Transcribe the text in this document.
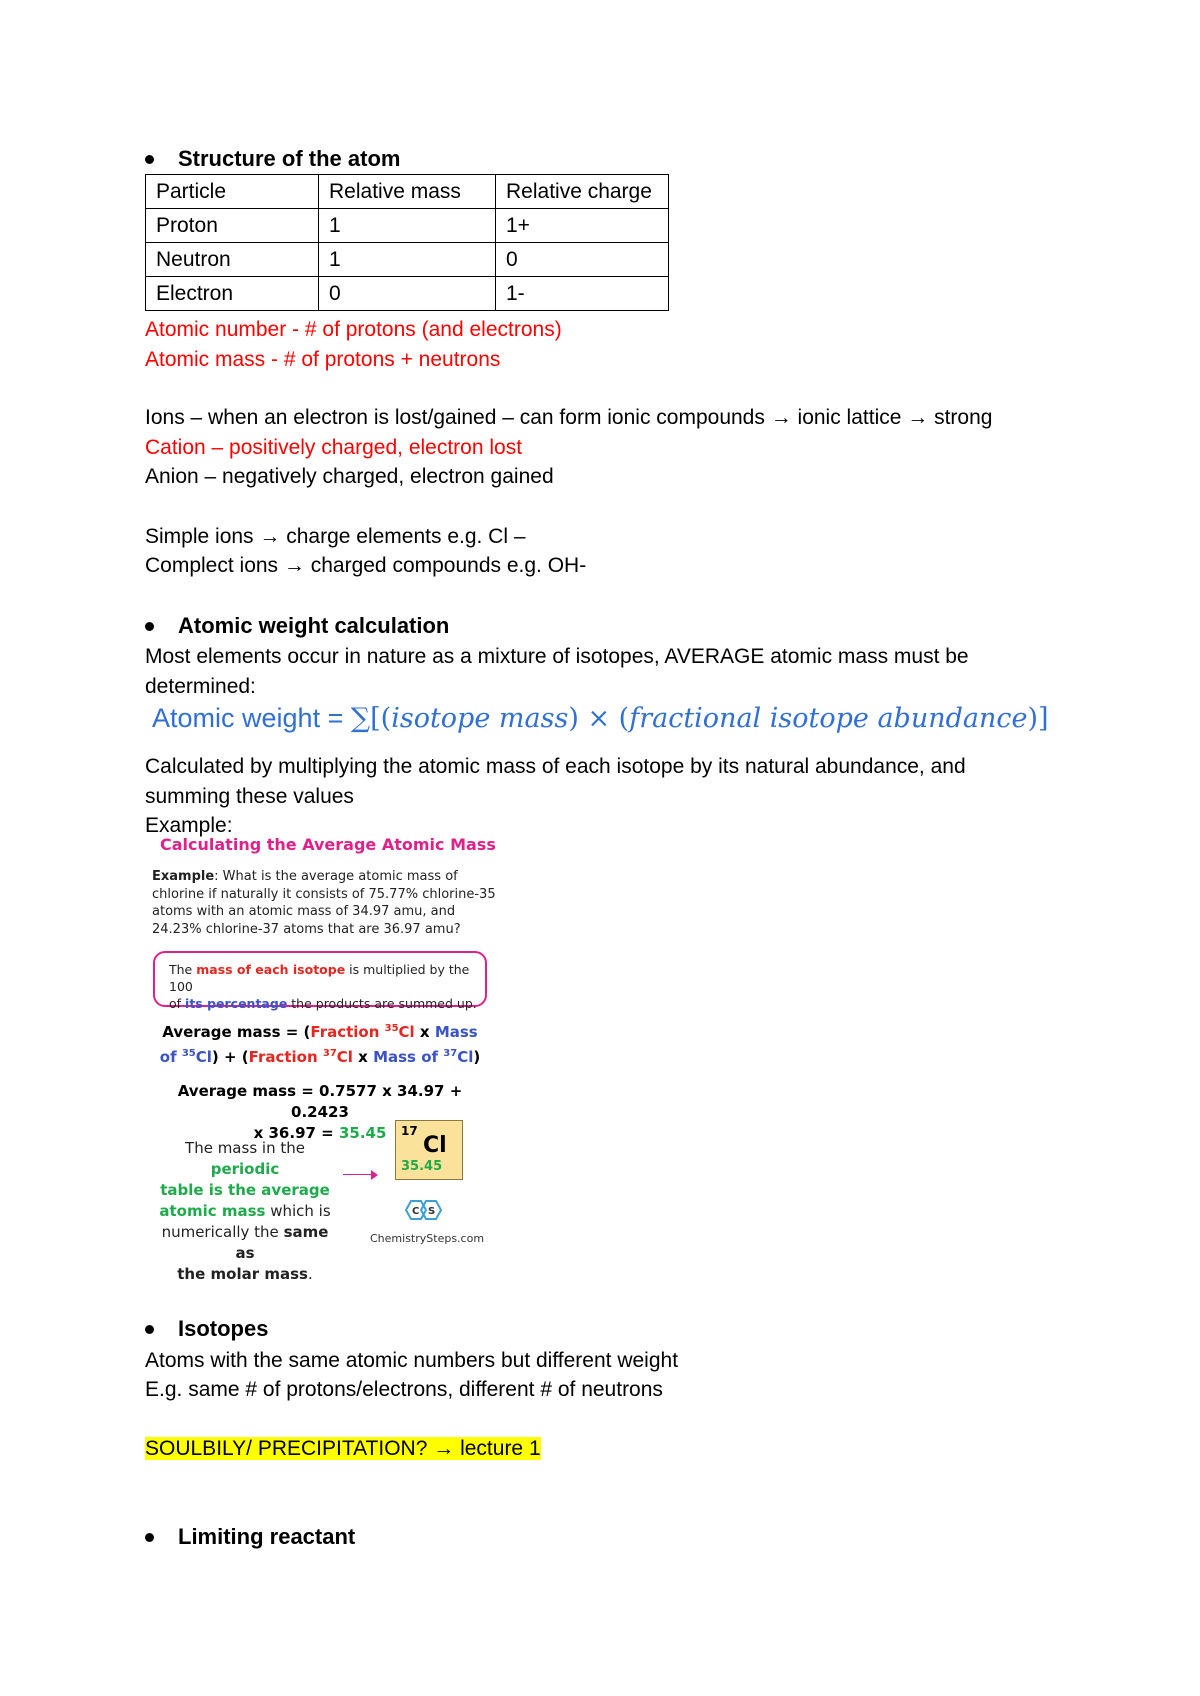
Structure of the atom
Particle	Relative mass	Relative charge
Proton	1	1+
Neutron	1	0
Electron	0	1-
Atomic number - # of protons (and electrons)
Atomic mass - # of protons + neutrons
Ions – when an electron is lost/gained – can form ionic compounds → ionic lattice → strong
Cation – positively charged, electron lost
Anion – negatively charged, electron gained
Simple ions → charge elements e.g. Cl –
Complect ions → charged compounds e.g. OH-
Atomic weight calculation
Most elements occur in nature as a mixture of isotopes, AVERAGE atomic mass must be
determined:
Atomic weight = ∑[(isotope mass) × (fractional isotope abundance)]
Calculated by multiplying the atomic mass of each isotope by its natural abundance, and
summing these values
Example:
Calculating the Average Atomic Mass
Example: What is the average atomic mass of
chlorine if naturally it consists of 75.77% chlorine-35
atoms with an atomic mass of 34.97 amu, and
24.23% chlorine-37 atoms that are 36.97 amu?
The mass of each isotope is multiplied by the 100
of its percentage the products are summed up.
Average mass = (Fraction $^{35}$Cl x Mass
of $^{35}$Cl) + (Fraction $^{37}$Cl x Mass of $^{37}$Cl)
Average mass = 0.7577 x 34.97 + 0.2423
x 36.97 = 35.45
The mass in the periodic
table is the average
atomic mass which is
numerically the same as
the molar mass.
17
Cl
35.45
C S
ChemistrySteps.com
Isotopes
Atoms with the same atomic numbers but different weight
E.g. same # of protons/electrons, different # of neutrons
SOULBILY/ PRECIPITATION? → lecture 1
Limiting reactant
